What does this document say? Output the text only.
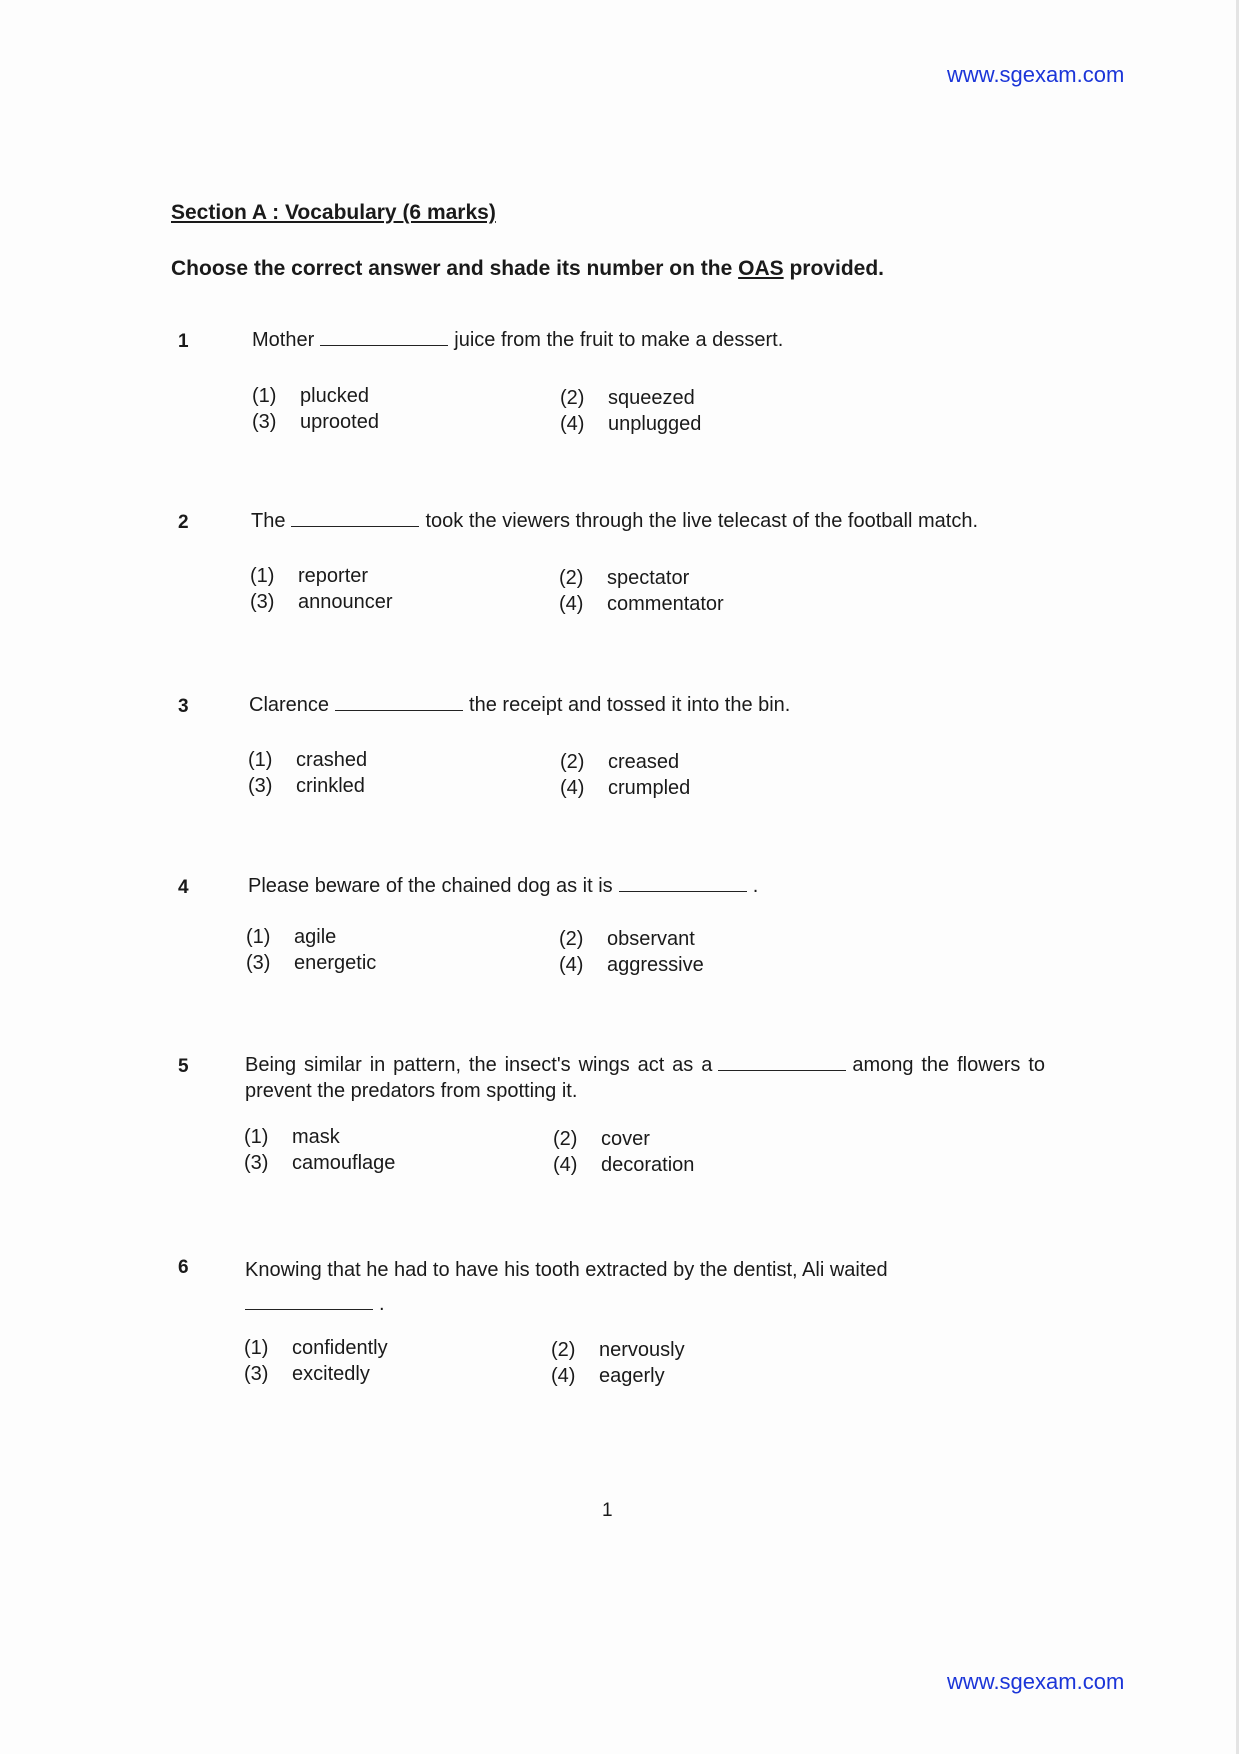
www.sgexam.com
Section A : Vocabulary (6 marks)
Choose the correct answer and shade its number on the OAS provided.
1	Mother	juice from the fruit to make a dessert.
(1) plucked	(2) squeezed
(3) uprooted	(4) unplugged
2	The	took the viewers through the live telecast of the football match.
(1) reporter	(2) spectator
(3) announcer	(4) commentator
3	Clarence	the receipt and tossed it into the bin.
(1) crashed	(2) creased
(3) crinkled	(4) crumpled
4	Please beware of the chained dog as it is	.
(1) agile	(2) observant
(3) energetic	(4) aggressive
5	Being similar in pattern, the insect's wings act as a	among the flowers to prevent the predators from spotting it.
(1) mask	(2) cover
(3) camouflage	(4) decoration
6	Knowing that he had to have his tooth extracted by the dentist, Ali waited
.
(1) confidently	(2) nervously
(3) excitedly	(4) eagerly
1
www.sgexam.com
